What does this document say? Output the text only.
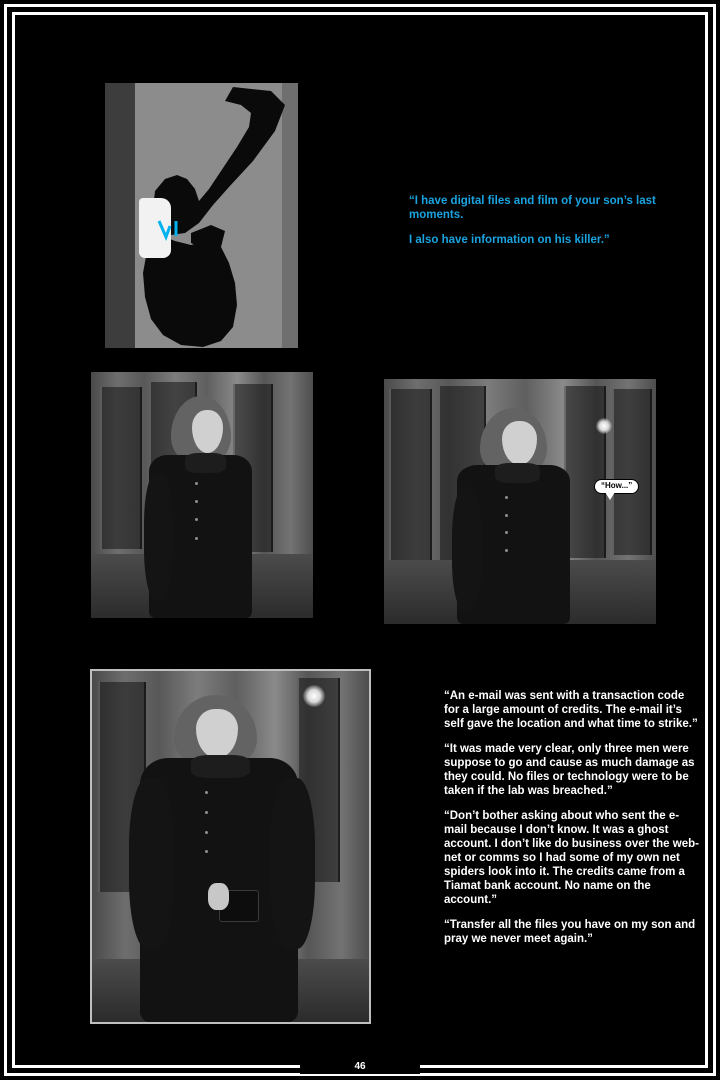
“How...”

“I have digital files and film of your son’s last moments.

I also have information on his killer.”

“An e-mail was sent with a transaction code for a large amount of credits. The e-mail it’s self gave the location and what time to strike.”

“It was made very clear, only three men were suppose to go and cause as much damage as they could. No files or technology were to be taken if the lab was breached.”

“Don’t bother asking about who sent the e-mail because I don’t know. It was a ghost account. I don’t like do business over the web-net or comms so I had some of my own net spiders look into it. The credits came from a Tiamat bank account. No name on the account.”

“Transfer all the files you have on my son and pray we never meet again.”

46
